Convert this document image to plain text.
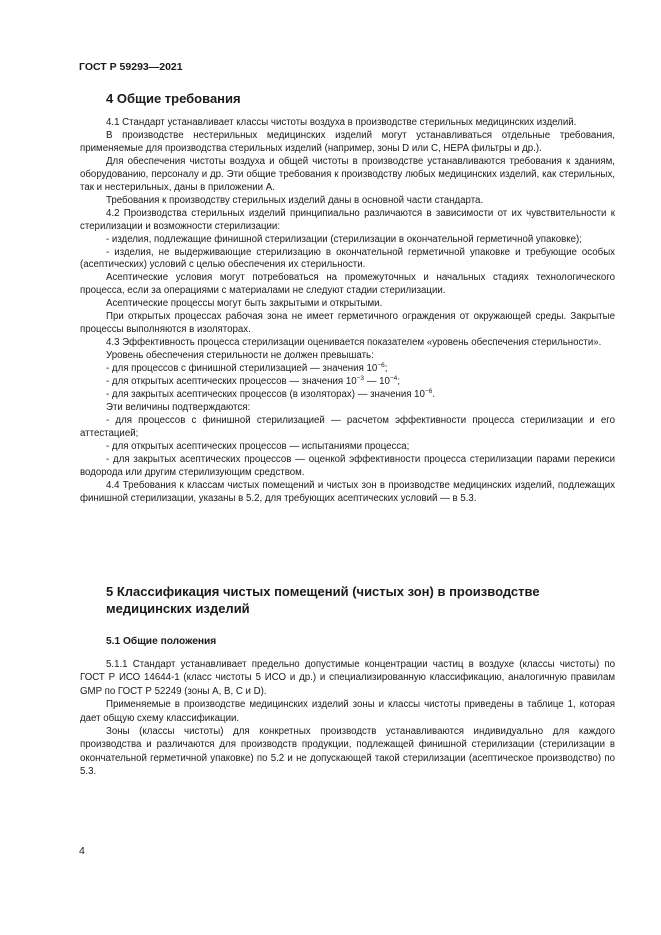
ГОСТ Р 59293—2021
4 Общие требования

4.1 Стандарт устанавливает классы чистоты воздуха в производстве стерильных медицинских изделий.

В производстве нестерильных медицинских изделий могут устанавливаться отдельные требования, применяемые для производства стерильных изделий (например, зоны D или C, HEPA фильтры и др.).

Для обеспечения чистоты воздуха и общей чистоты в производстве устанавливаются требования к зданиям, оборудованию, персоналу и др. Эти общие требования к производству любых медицинских изделий, как стерильных, так и нестерильных, даны в приложении А.

Требования к производству стерильных изделий даны в основной части стандарта.

4.2 Производства стерильных изделий принципиально различаются в зависимости от их чувствительности к стерилизации и возможности стерилизации:

- изделия, подлежащие финишной стерилизации (стерилизации в окончательной герметичной упаковке);

- изделия, не выдерживающие стерилизацию в окончательной герметичной упаковке и требующие особых (асептических) условий с целью обеспечения их стерильности.

Асептические условия могут потребоваться на промежуточных и начальных стадиях технологического процесса, если за операциями с материалами не следуют стадии стерилизации.

Асептические процессы могут быть закрытыми и открытыми.

При открытых процессах рабочая зона не имеет герметичного ограждения от окружающей среды. Закрытые процессы выполняются в изоляторах.

4.3 Эффективность процесса стерилизации оценивается показателем «уровень обеспечения стерильности».

Уровень обеспечения стерильности не должен превышать:

- для процессов с финишной стерилизацией — значения $10^{-6}$;

- для открытых асептических процессов — значения $10^{-3}$ — $10^{-4}$;

- для закрытых асептических процессов (в изоляторах) — значения $10^{-6}$.

Эти величины подтверждаются:

- для процессов с финишной стерилизацией — расчетом эффективности процесса стерилизации и его аттестацией;

- для открытых асептических процессов — испытаниями процесса;

- для закрытых асептических процессов — оценкой эффективности процесса стерилизации парами перекиси водорода или другим стерилизующим средством.

4.4 Требования к классам чистых помещений и чистых зон в производстве медицинских изделий, подлежащих финишной стерилизации, указаны в 5.2, для требующих асептических условий — в 5.3.

5 Классификация чистых помещений (чистых зон) в производстве медицинских изделий
5.1 Общие положения

5.1.1 Стандарт устанавливает предельно допустимые концентрации частиц в воздухе (классы чистоты) по ГОСТ Р ИСО 14644-1 (класс чистоты 5 ИСО и др.) и специализированную классификацию, аналогичную правилам GMP по ГОСТ Р 52249 (зоны А, В, С и D).

Применяемые в производстве медицинских изделий зоны и классы чистоты приведены в таблице 1, которая дает общую схему классификации.

Зоны (классы чистоты) для конкретных производств устанавливаются индивидуально для каждого производства и различаются для производств продукции, подлежащей финишной стерилизации (стерилизации в окончательной герметичной упаковке) по 5.2 и не допускающей такой стерилизации (асептическое производство) по 5.3.

4
